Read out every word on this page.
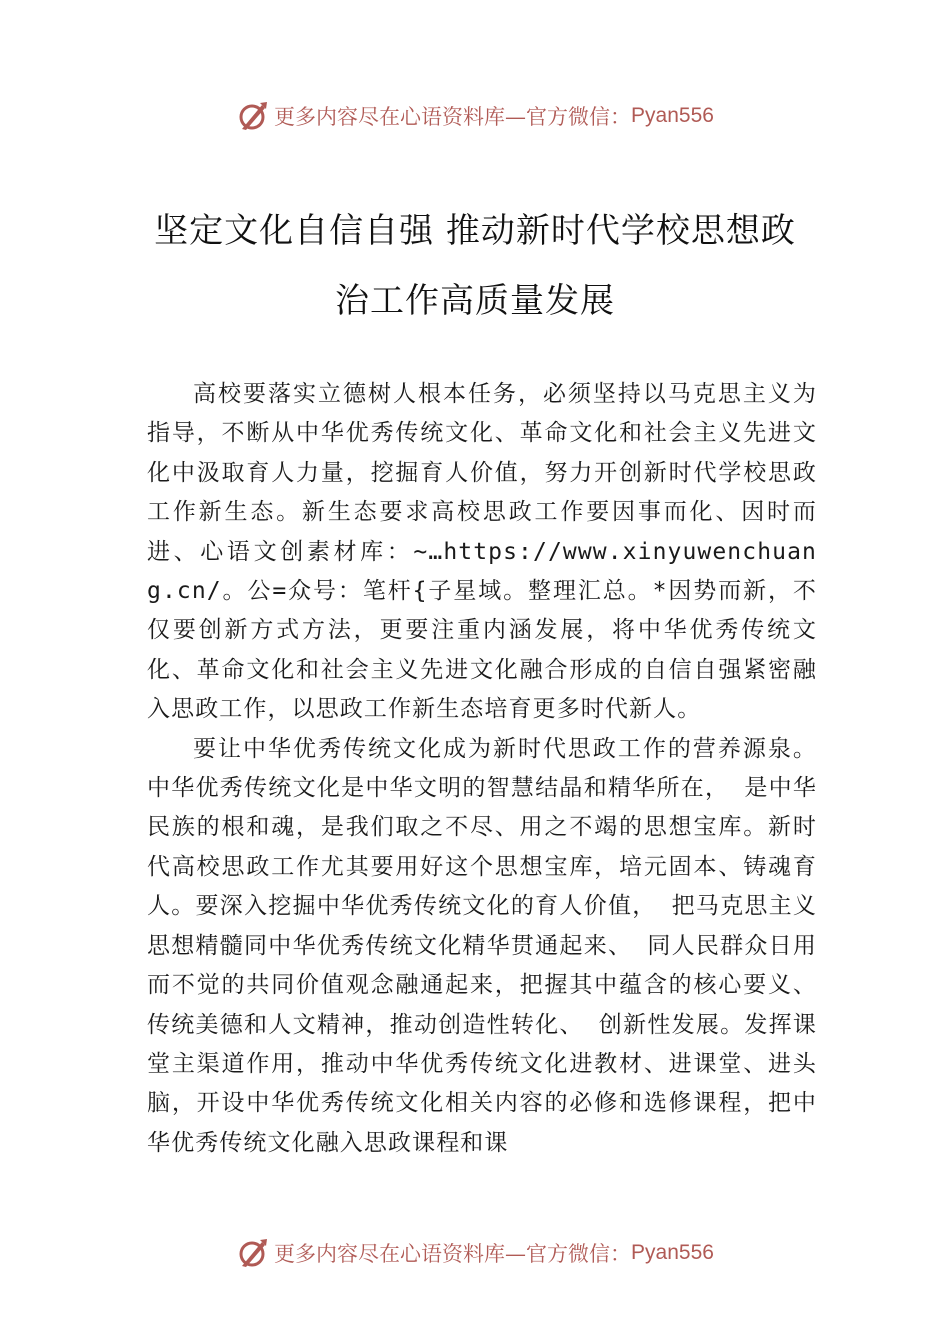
更多内容尽在心语资料库—官方微信： Pyan556
坚定文化自信自强 推动新时代学校思想政
治工作高质量发展

高校要落实立德树人根本任务，必须坚持以马克思主义为指导，不断从中华优秀传统文化、革命文化和社会主义先进文化中汲取育人力量，挖掘育人价值，努力开创新时代学校思政工作新生态。新生态要求高校思政工作要因事而化、因时而进、心语文创素材库：~…https://www.xinyuwenchuang.cn/。公=众号：笔杆{子星域。整理汇总。*因势而新，不仅要创新方式方法，更要注重内涵发展，将中华优秀传统文化、革命文化和社会主义先进文化融合形成的自信自强紧密融入思政工作，以思政工作新生态培育更多时代新人。

要让中华优秀传统文化成为新时代思政工作的营养源泉。中华优秀传统文化是中华文明的智慧结晶和精华所在， 是中华民族的根和魂，是我们取之不尽、用之不竭的思想宝库。新时代高校思政工作尤其要用好这个思想宝库，培元固本、铸魂育人。要深入挖掘中华优秀传统文化的育人价值， 把马克思主义思想精髓同中华优秀传统文化精华贯通起来、 同人民群众日用而不觉的共同价值观念融通起来，把握其中蕴含的核心要义、传统美德和人文精神，推动创造性转化、 创新性发展。发挥课堂主渠道作用，推动中华优秀传统文化进教材、进课堂、进头脑，开设中华优秀传统文化相关内容的必修和选修课程，把中华优秀传统文化融入思政课程和课

更多内容尽在心语资料库—官方微信： Pyan556
